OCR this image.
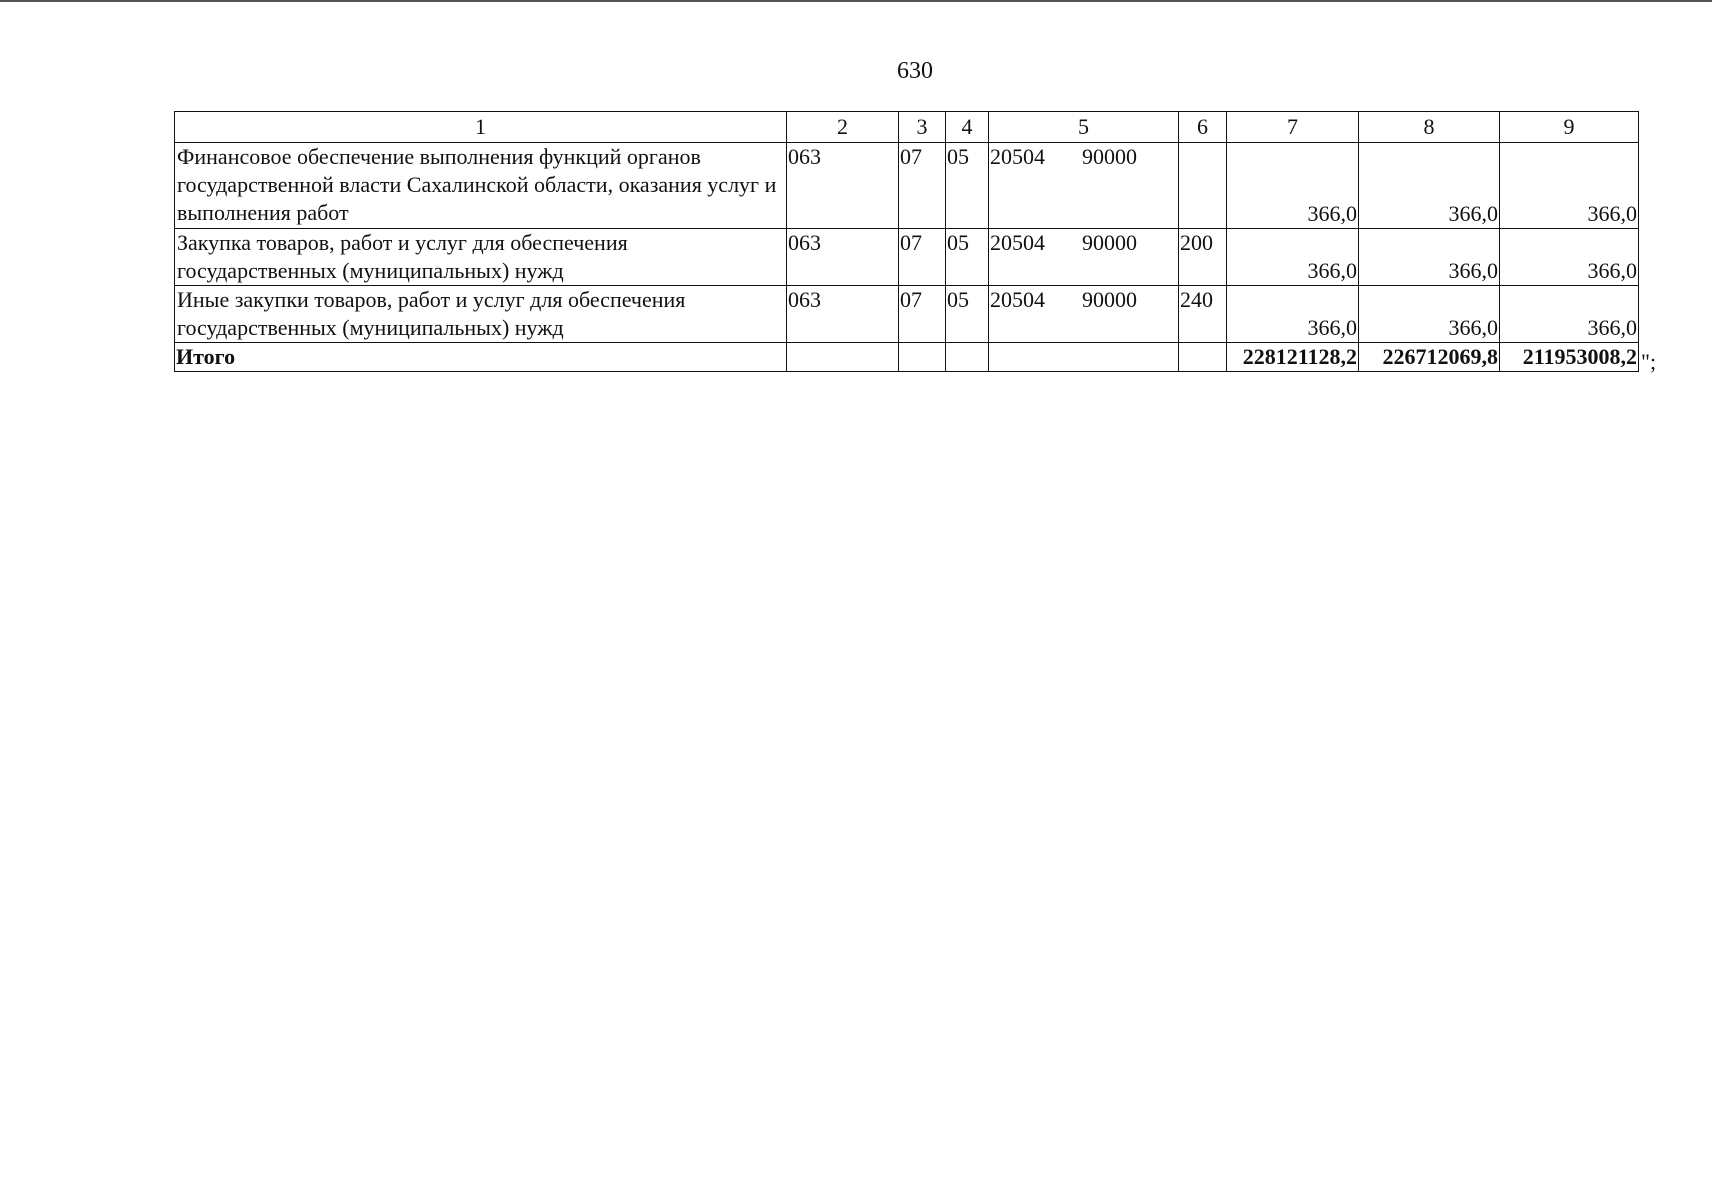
630
1	2	3	4	5	6	7	8	9
Финансовое обеспечение выполнения функций органов государственной власти Сахалинской области, оказания услуг и выполнения работ	063	07	05	20504 90000		366,0	366,0	366,0
Закупка товаров, работ и услуг для обеспечения государственных (муниципальных) нужд	063	07	05	20504 90000	200	366,0	366,0	366,0
Иные закупки товаров, работ и услуг для обеспечения государственных (муниципальных) нужд	063	07	05	20504 90000	240	366,0	366,0	366,0
Итого						228121128,2	226712069,8	211953008,2 ";
